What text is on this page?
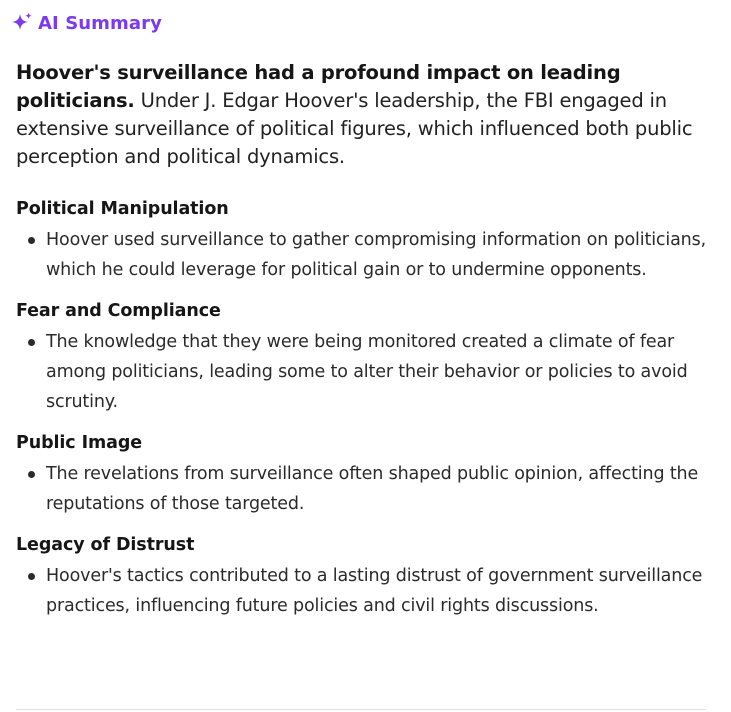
AI Summary
Hoover's surveillance had a profound impact on leading politicians. Under J. Edgar Hoover's leadership, the FBI engaged in extensive surveillance of political figures, which influenced both public perception and political dynamics.
Political Manipulation
Hoover used surveillance to gather compromising information on politicians, which he could leverage for political gain or to undermine opponents.
Fear and Compliance
The knowledge that they were being monitored created a climate of fear among politicians, leading some to alter their behavior or policies to avoid scrutiny.
Public Image
The revelations from surveillance often shaped public opinion, affecting the reputations of those targeted.
Legacy of Distrust
Hoover's tactics contributed to a lasting distrust of government surveillance practices, influencing future policies and civil rights discussions.
